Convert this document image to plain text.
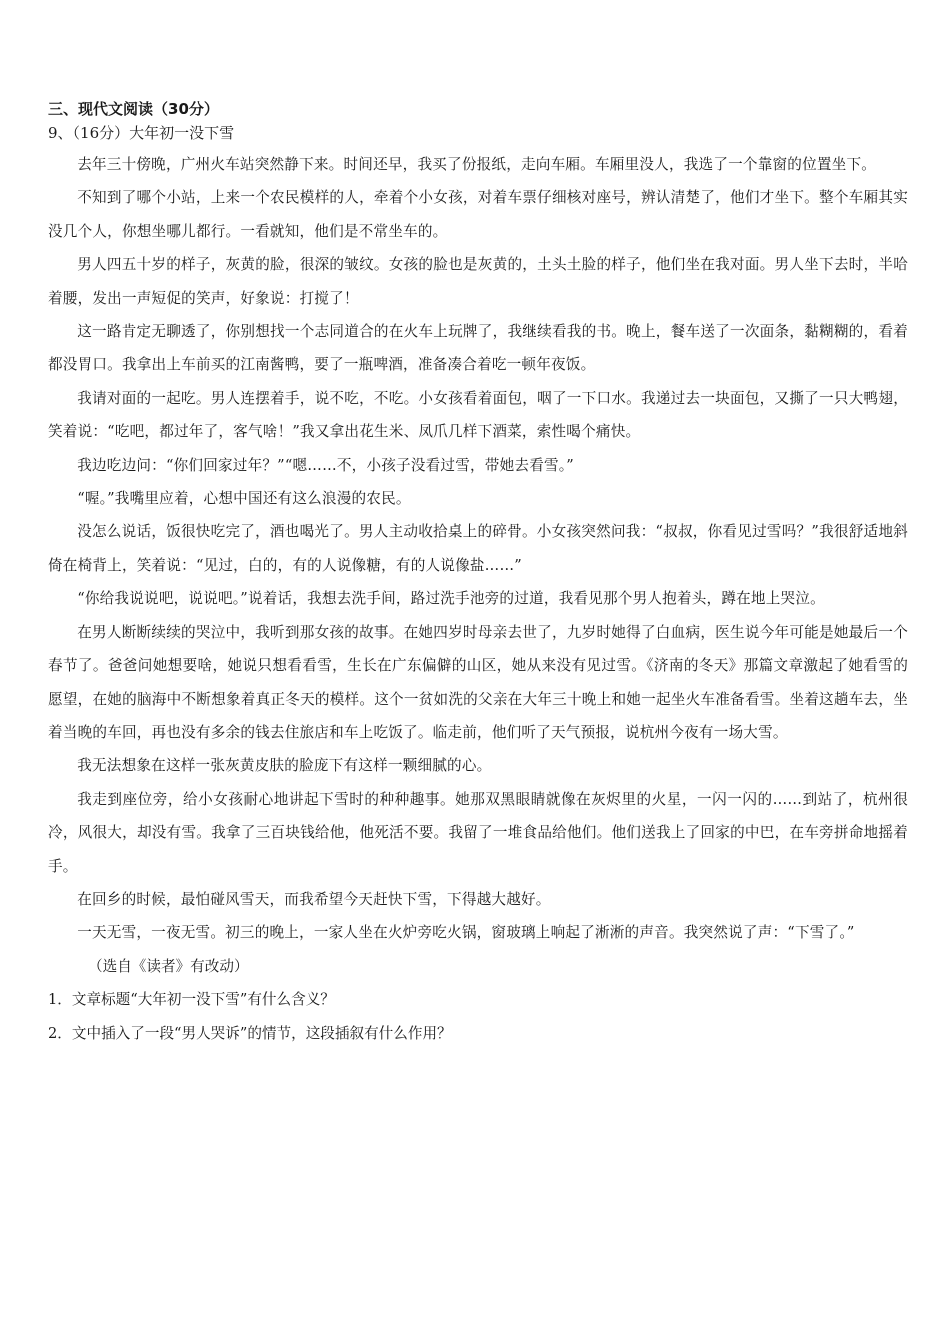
三、现代文阅读（30分）
9、（16分）大年初一没下雪

去年三十傍晚，广州火车站突然静下来。时间还早，我买了份报纸，走向车厢。车厢里没人，我选了一个靠窗的位置坐下。

不知到了哪个小站，上来一个农民模样的人，牵着个小女孩，对着车票仔细核对座号，辨认清楚了，他们才坐下。整个车厢其实没几个人，你想坐哪儿都行。一看就知，他们是不常坐车的。

男人四五十岁的样子，灰黄的脸，很深的皱纹。女孩的脸也是灰黄的，土头土脸的样子，他们坐在我对面。男人坐下去时，半哈着腰，发出一声短促的笑声，好象说：打搅了！

这一路肯定无聊透了，你别想找一个志同道合的在火车上玩牌了，我继续看我的书。晚上，餐车送了一次面条，黏糊糊的，看着都没胃口。我拿出上车前买的江南酱鸭，要了一瓶啤酒，准备凑合着吃一顿年夜饭。

我请对面的一起吃。男人连摆着手，说不吃，不吃。小女孩看着面包，咽了一下口水。我递过去一块面包，又撕了一只大鸭翅，笑着说：“吃吧，都过年了，客气啥！”我又拿出花生米、凤爪几样下酒菜，索性喝个痛快。

我边吃边问：“你们回家过年？”“嗯……不，小孩子没看过雪，带她去看雪。”

“喔。”我嘴里应着，心想中国还有这么浪漫的农民。

没怎么说话，饭很快吃完了，酒也喝光了。男人主动收拾桌上的碎骨。小女孩突然问我：“叔叔，你看见过雪吗？”我很舒适地斜倚在椅背上，笑着说：“见过，白的，有的人说像糖，有的人说像盐……”

“你给我说说吧，说说吧。”说着话，我想去洗手间，路过洗手池旁的过道，我看见那个男人抱着头，蹲在地上哭泣。

在男人断断续续的哭泣中，我听到那女孩的故事。在她四岁时母亲去世了，九岁时她得了白血病，医生说今年可能是她最后一个春节了。爸爸问她想要啥，她说只想看看雪，生长在广东偏僻的山区，她从来没有见过雪。《济南的冬天》那篇文章激起了她看雪的愿望，在她的脑海中不断想象着真正冬天的模样。这个一贫如洗的父亲在大年三十晚上和她一起坐火车准备看雪。坐着这趟车去，坐着当晚的车回，再也没有多余的钱去住旅店和车上吃饭了。临走前，他们听了天气预报，说杭州今夜有一场大雪。

我无法想象在这样一张灰黄皮肤的脸庞下有这样一颗细腻的心。

我走到座位旁，给小女孩耐心地讲起下雪时的种种趣事。她那双黑眼睛就像在灰烬里的火星，一闪一闪的……到站了，杭州很冷，风很大，却没有雪。我拿了三百块钱给他，他死活不要。我留了一堆食品给他们。他们送我上了回家的中巴，在车旁拼命地摇着手。

在回乡的时候，最怕碰风雪天，而我希望今天赶快下雪，下得越大越好。

一天无雪，一夜无雪。初三的晚上，一家人坐在火炉旁吃火锅，窗玻璃上响起了淅淅的声音。我突然说了声：“下雪了。”

（选自《读者》有改动）

1．文章标题“大年初一没下雪”有什么含义？

2．文中插入了一段“男人哭诉”的情节，这段插叙有什么作用？
